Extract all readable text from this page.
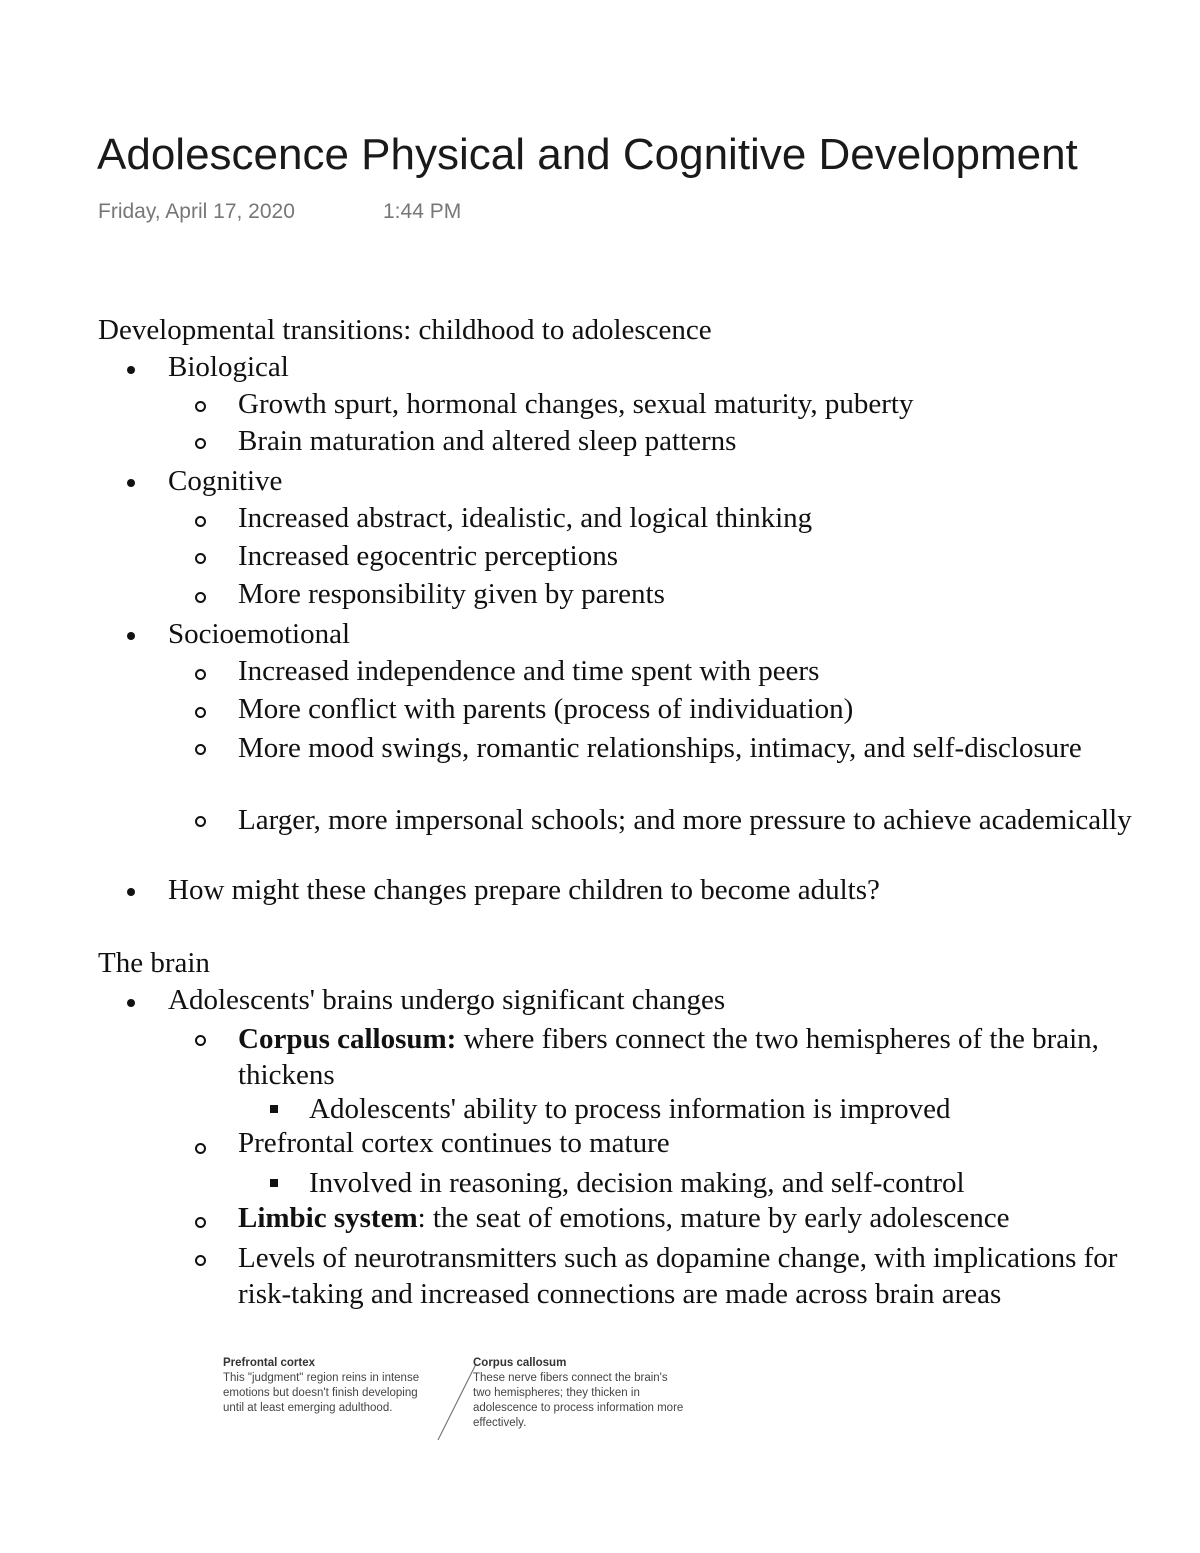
Adolescence Physical and Cognitive Development
Friday, April 17, 2020	1:44 PM
Developmental transitions: childhood to adolescence
Biological
Growth spurt, hormonal changes, sexual maturity, puberty
Brain maturation and altered sleep patterns
Cognitive
Increased abstract, idealistic, and logical thinking
Increased egocentric perceptions
More responsibility given by parents
Socioemotional
Increased independence and time spent with peers
More conflict with parents (process of individuation)
More mood swings, romantic relationships, intimacy, and self-disclosure
Larger, more impersonal schools; and more pressure to achieve academically
How might these changes prepare children to become adults?
The brain
Adolescents' brains undergo significant changes
Corpus callosum: where fibers connect the two hemispheres of the brain, thickens
Adolescents' ability to process information is improved
Prefrontal cortex continues to mature
Involved in reasoning, decision making, and self-control
Limbic system: the seat of emotions, mature by early adolescence
Levels of neurotransmitters such as dopamine change, with implications for risk-taking and increased connections are made across brain areas
Prefrontal cortex
This "judgment" region reins in intense emotions but doesn't finish developing until at least emerging adulthood.
Corpus callosum
These nerve fibers connect the brain's two hemispheres; they thicken in adolescence to process information more effectively.
